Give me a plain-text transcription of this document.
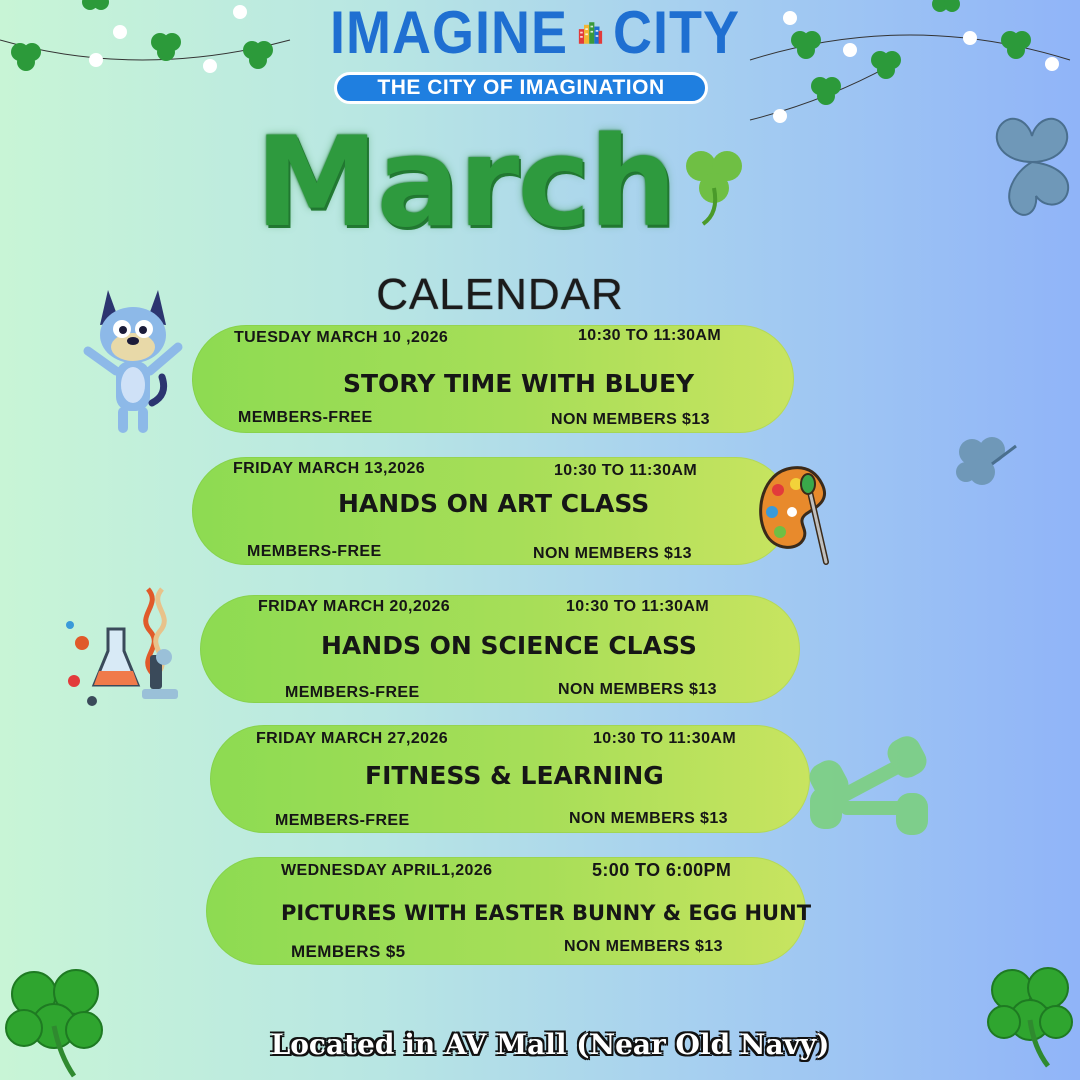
IMAGINE CITY
THE CITY OF IMAGINATION
March
CALENDAR
TUESDAY MARCH 10 ,2026	10:30 TO 11:30AM
STORY TIME WITH BLUEY
MEMBERS-FREE	NON MEMBERS $13
FRIDAY MARCH 13,2026	10:30 TO 11:30AM
HANDS ON ART CLASS
MEMBERS-FREE	NON MEMBERS $13
FRIDAY MARCH 20,2026	10:30 TO 11:30AM
HANDS ON SCIENCE CLASS
MEMBERS-FREE	NON MEMBERS $13
FRIDAY MARCH 27,2026	10:30 TO 11:30AM
FITNESS & LEARNING
MEMBERS-FREE	NON MEMBERS $13
WEDNESDAY APRIL1,2026	5:00 TO 6:00PM
PICTURES WITH EASTER BUNNY & EGG HUNT
MEMBERS $5	NON MEMBERS $13
Located in AV Mall (Near Old Navy)
